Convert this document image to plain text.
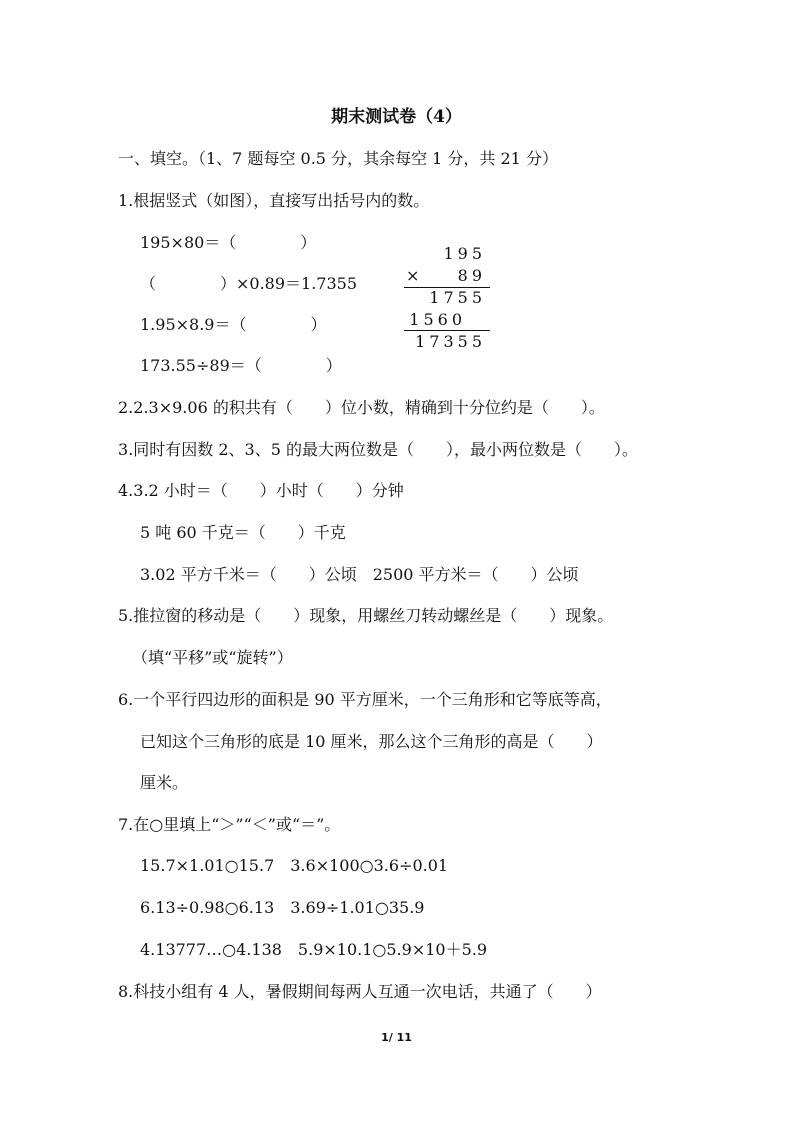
期末测试卷（4）
一、填空。（1、7 题每空 0.5 分，其余每空 1 分，共 21 分）
1.根据竖式（如图），直接写出括号内的数。
195×80＝（　　　　）
（　　　　）×0.89＝1.7355
1.95×8.9＝（　　　　）
173.55÷89＝（　　　　）
195
× 89
1755
1560
17355
2.2.3×9.06 的积共有（　　）位小数，精确到十分位约是（　　）。
3.同时有因数 2、3、5 的最大两位数是（　　），最小两位数是（　　）。
4.3.2 小时＝（　　）小时（　　）分钟
5 吨 60 千克＝（　　）千克
3.02 平方千米＝（　　）公顷　2500 平方米＝（　　）公顷
5.推拉窗的移动是（　　）现象，用螺丝刀转动螺丝是（　　）现象。
（填“平移”或“旋转”）
6.一个平行四边形的面积是 90 平方厘米，一个三角形和它等底等高，
已知这个三角形的底是 10 厘米，那么这个三角形的高是（　　）
厘米。
7.在○里填上“＞”“＜”或“＝”。
15.7×1.01○15.7　3.6×100○3.6÷0.01
6.13÷0.98○6.13　3.69÷1.01○35.9
4.13777…○4.138　5.9×10.1○5.9×10＋5.9
8.科技小组有 4 人，暑假期间每两人互通一次电话，共通了（　　）
1/ 11
